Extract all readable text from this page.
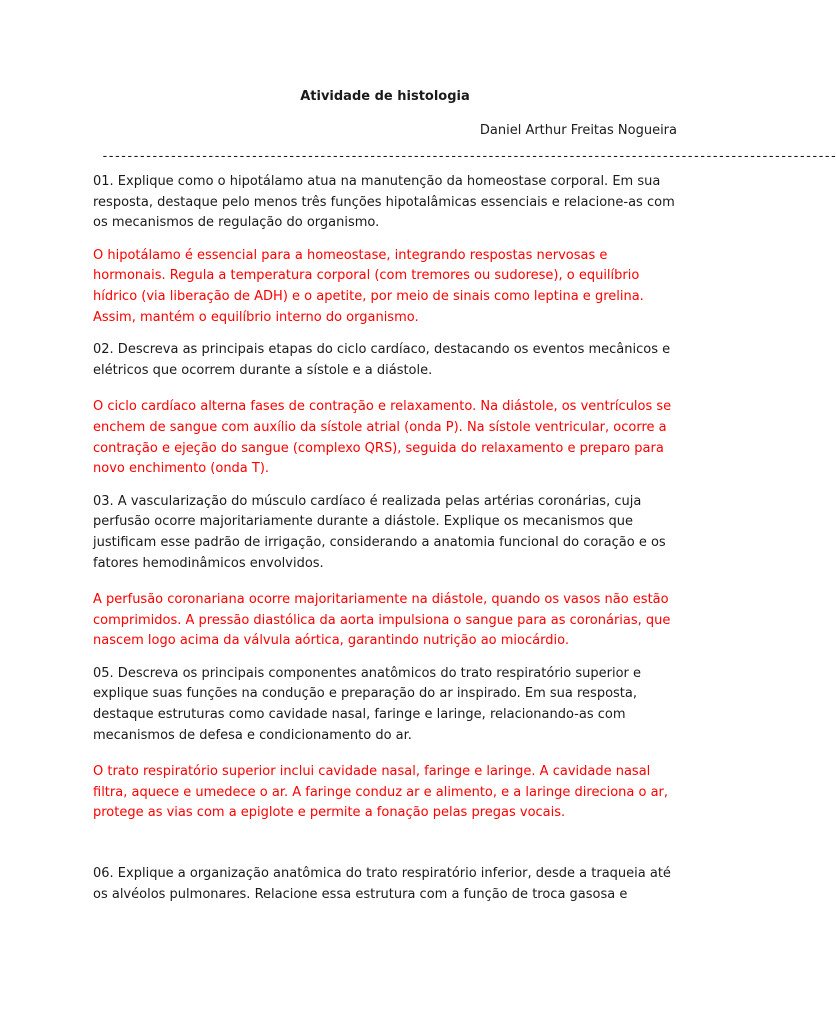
Atividade de histologia
Daniel Arthur Freitas Nogueira
----------------------------------------------------------------------------------------------------------------------

01. Explique como o hipotálamo atua na manutenção da homeostase corporal. Em sua resposta, destaque pelo menos três funções hipotalâmicas essenciais e relacione-as com os mecanismos de regulação do organismo.

O hipotálamo é essencial para a homeostase, integrando respostas nervosas e hormonais. Regula a temperatura corporal (com tremores ou sudorese), o equilíbrio hídrico (via liberação de ADH) e o apetite, por meio de sinais como leptina e grelina. Assim, mantém o equilíbrio interno do organismo.

02. Descreva as principais etapas do ciclo cardíaco, destacando os eventos mecânicos e elétricos que ocorrem durante a sístole e a diástole.

O ciclo cardíaco alterna fases de contração e relaxamento. Na diástole, os ventrículos se enchem de sangue com auxílio da sístole atrial (onda P). Na sístole ventricular, ocorre a contração e ejeção do sangue (complexo QRS), seguida do relaxamento e preparo para novo enchimento (onda T).

03. A vascularização do músculo cardíaco é realizada pelas artérias coronárias, cuja perfusão ocorre majoritariamente durante a diástole. Explique os mecanismos que justificam esse padrão de irrigação, considerando a anatomia funcional do coração e os fatores hemodinâmicos envolvidos.

A perfusão coronariana ocorre majoritariamente na diástole, quando os vasos não estão comprimidos. A pressão diastólica da aorta impulsiona o sangue para as coronárias, que nascem logo acima da válvula aórtica, garantindo nutrição ao miocárdio.

05. Descreva os principais componentes anatômicos do trato respiratório superior e explique suas funções na condução e preparação do ar inspirado. Em sua resposta, destaque estruturas como cavidade nasal, faringe e laringe, relacionando-as com mecanismos de defesa e condicionamento do ar.

O trato respiratório superior inclui cavidade nasal, faringe e laringe. A cavidade nasal filtra, aquece e umedece o ar. A faringe conduz ar e alimento, e a laringe direciona o ar, protege as vias com a epiglote e permite a fonação pelas pregas vocais.

06. Explique a organização anatômica do trato respiratório inferior, desde a traqueia até os alvéolos pulmonares. Relacione essa estrutura com a função de troca gasosa e
